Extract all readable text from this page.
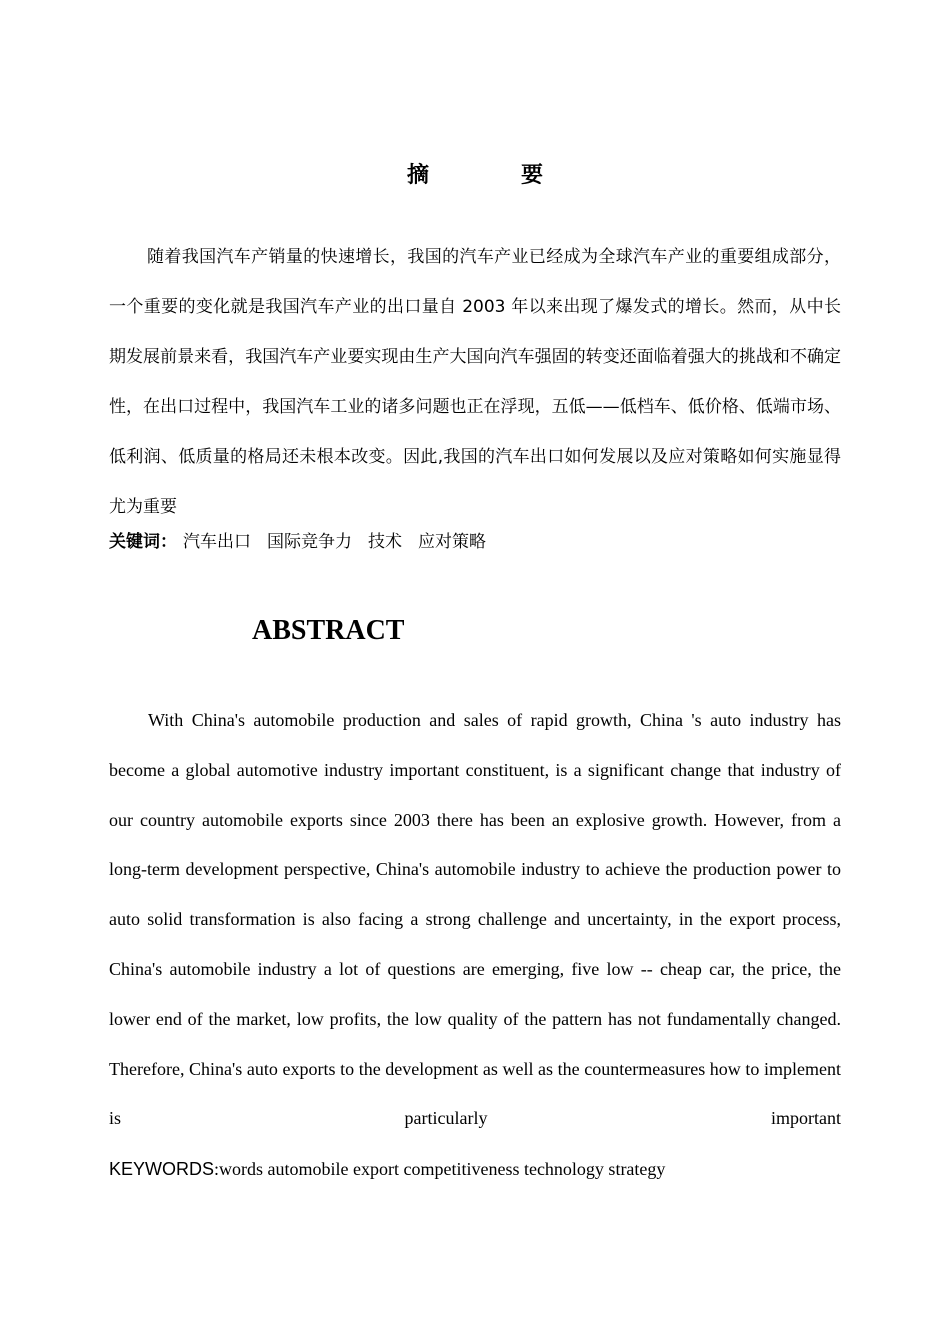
摘	要

随着我国汽车产销量的快速增长，我国的汽车产业已经成为全球汽车产业的重要组成部分，一个重要的变化就是我国汽车产业的出口量自 2003 年以来出现了爆发式的增长。然而，从中长期发展前景来看，我国汽车产业要实现由生产大国向汽车强固的转变还面临着强大的挑战和不确定性，在出口过程中，我国汽车工业的诸多问题也正在浮现，五低——低档车、低价格、低端市场、低利润、低质量的格局还未根本改变。因此,我国的汽车出口如何发展以及应对策略如何实施显得尤为重要

关键词： 汽车出口 国际竞争力 技术 应对策略
ABSTRACT

With China's automobile production and sales of rapid growth, China 's auto industry has become a global automotive industry important constituent, is a significant change that industry of our country automobile exports since 2003 there has been an explosive growth. However, from a long-term development perspective, China's automobile industry to achieve the production power to auto solid transformation is also facing a strong challenge and uncertainty, in the export process, China's automobile industry a lot of questions are emerging, five low -- cheap car, the price, the lower end of the market, low profits, the low quality of the pattern has not fundamentally changed. Therefore, China's auto exports to the development as well as the countermeasures how to implement is particularly important

KEYWORDS:words automobile export competitiveness technology strategy
